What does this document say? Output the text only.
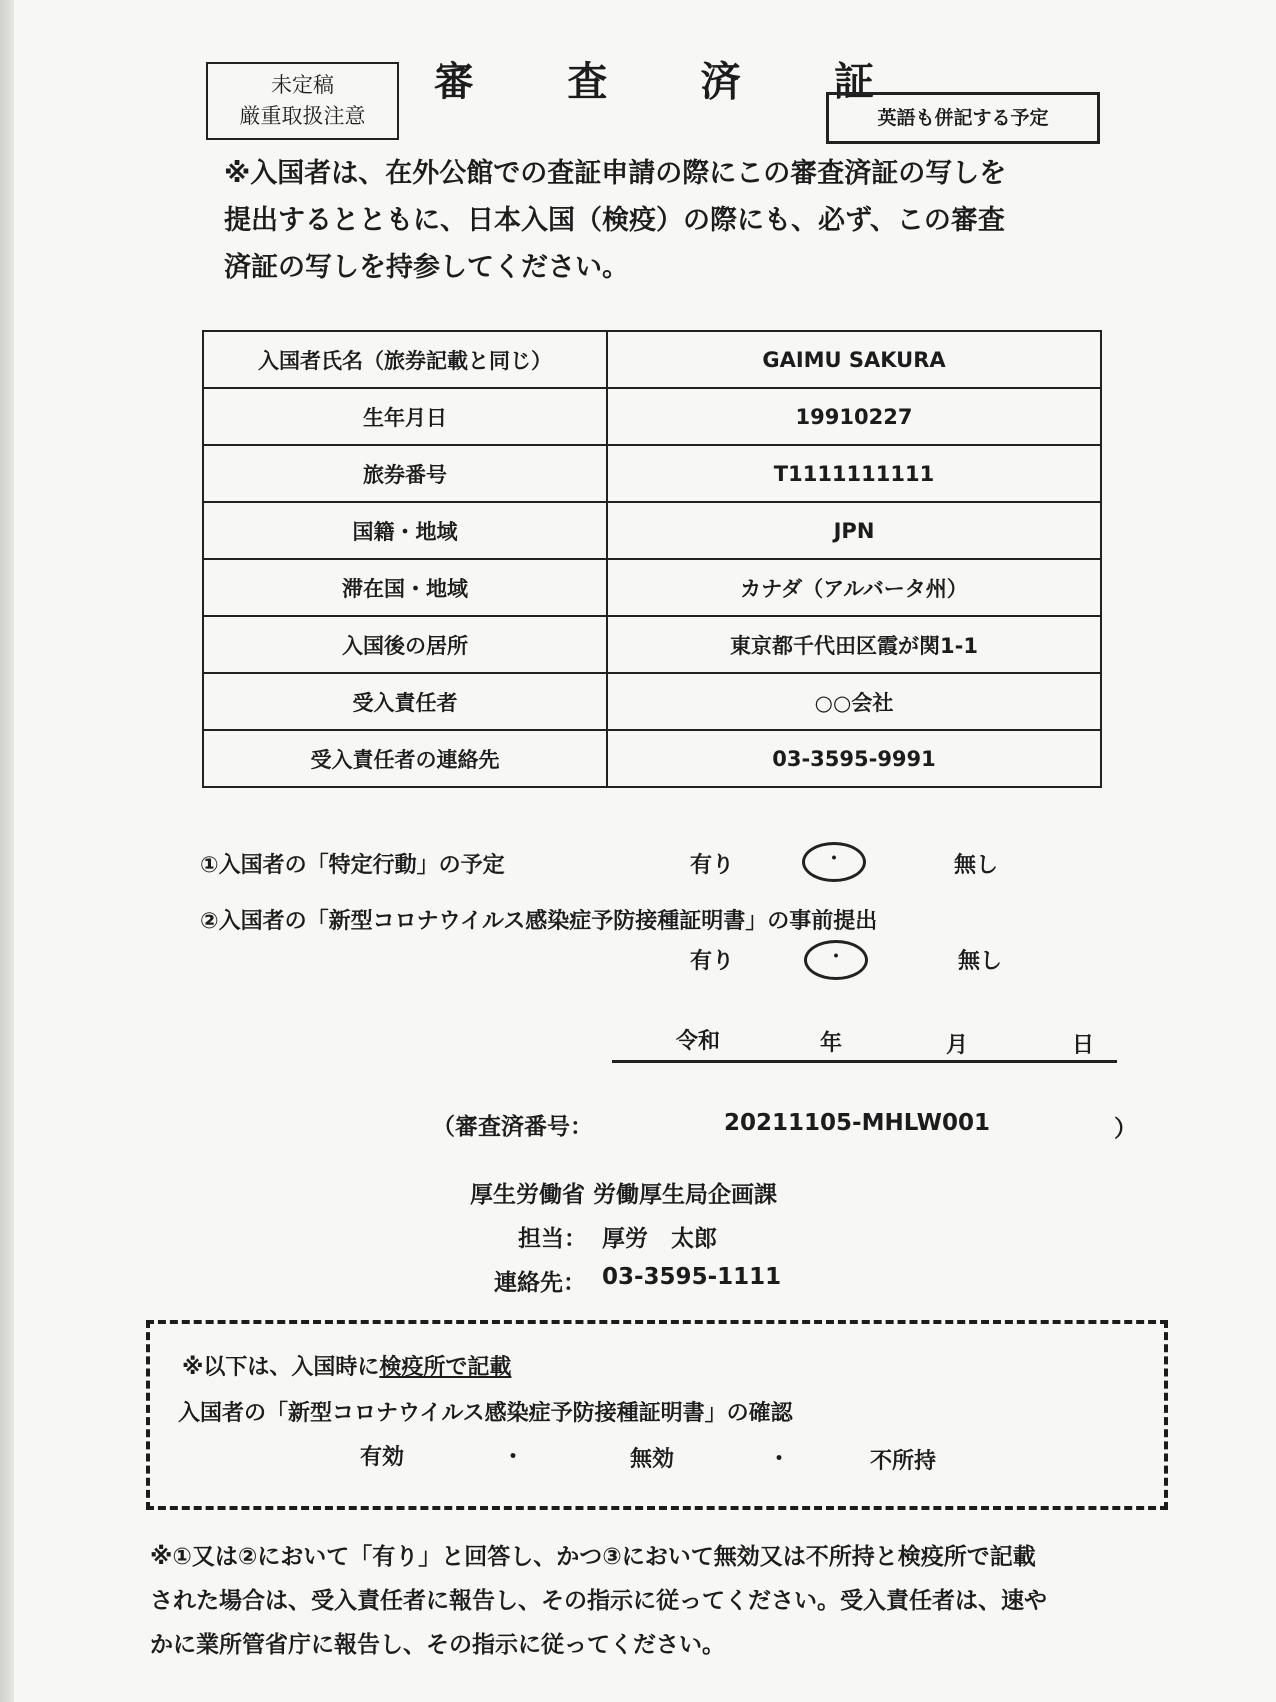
未定稿
厳重取扱注意
審 査 済 証
英語も併記する予定
※入国者は、在外公館での査証申請の際にこの審査済証の写しを
提出するとともに、日本入国（検疫）の際にも、必ず、この審査
済証の写しを持参してください。
入国者氏名（旅券記載と同じ）	GAIMU SAKURA
生年月日	19910227
旅券番号	T1111111111
国籍・地域	JPN
滞在国・地域	カナダ（アルバータ州）
入国後の居所	東京都千代田区霞が関1-1
受入責任者	○○会社
受入責任者の連絡先	03-3595-9991
①入国者の「特定行動」の予定	有り	・	無し
②入国者の「新型コロナウイルス感染症予防接種証明書」の事前提出
有り	・	無し
令和	年	月	日
（審査済番号：	20211105-MHLW001	）
厚生労働省 労働厚生局企画課
担当： 厚労　太郎
連絡先： 03-3595-1111
※以下は、入国時に検疫所で記載
入国者の「新型コロナウイルス感染症予防接種証明書」の確認
有効	・	無効	・	不所持
※①又は②において「有り」と回答し、かつ③において無効又は不所持と検疫所で記載
された場合は、受入責任者に報告し、その指示に従ってください。受入責任者は、速や
かに業所管省庁に報告し、その指示に従ってください。
